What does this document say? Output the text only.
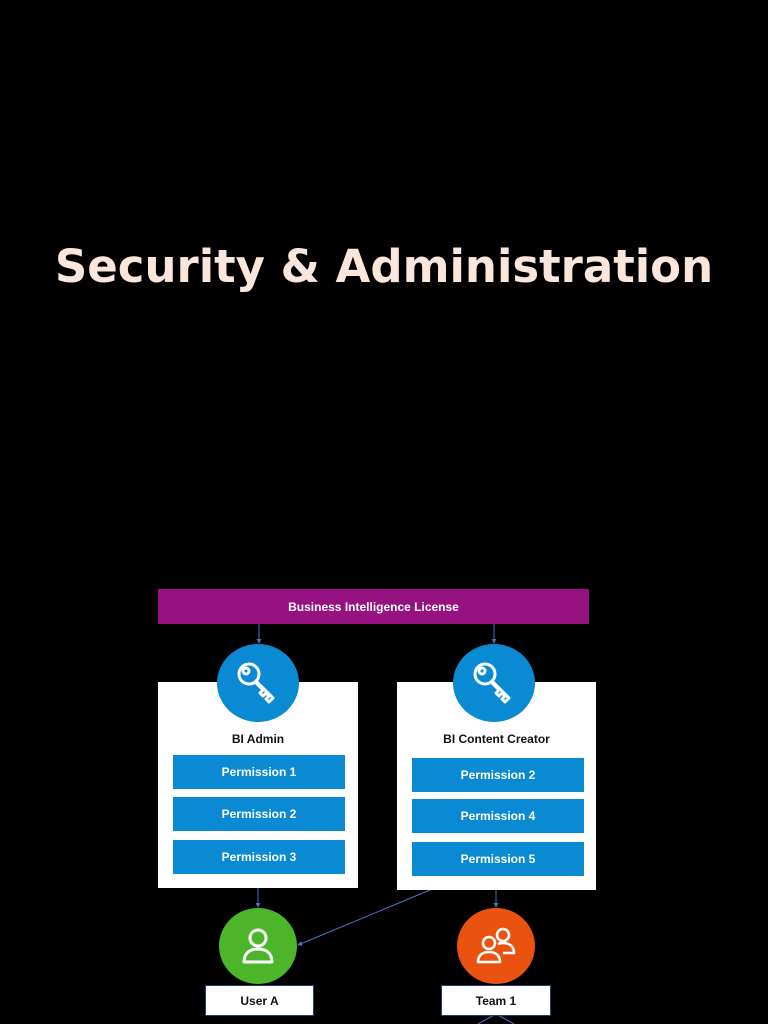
Security & Administration
Business Intelligence License
BI Admin
Permission 1
Permission 2
Permission 3
BI Content Creator
Permission 2
Permission 4
Permission 5
User A	Team 1
